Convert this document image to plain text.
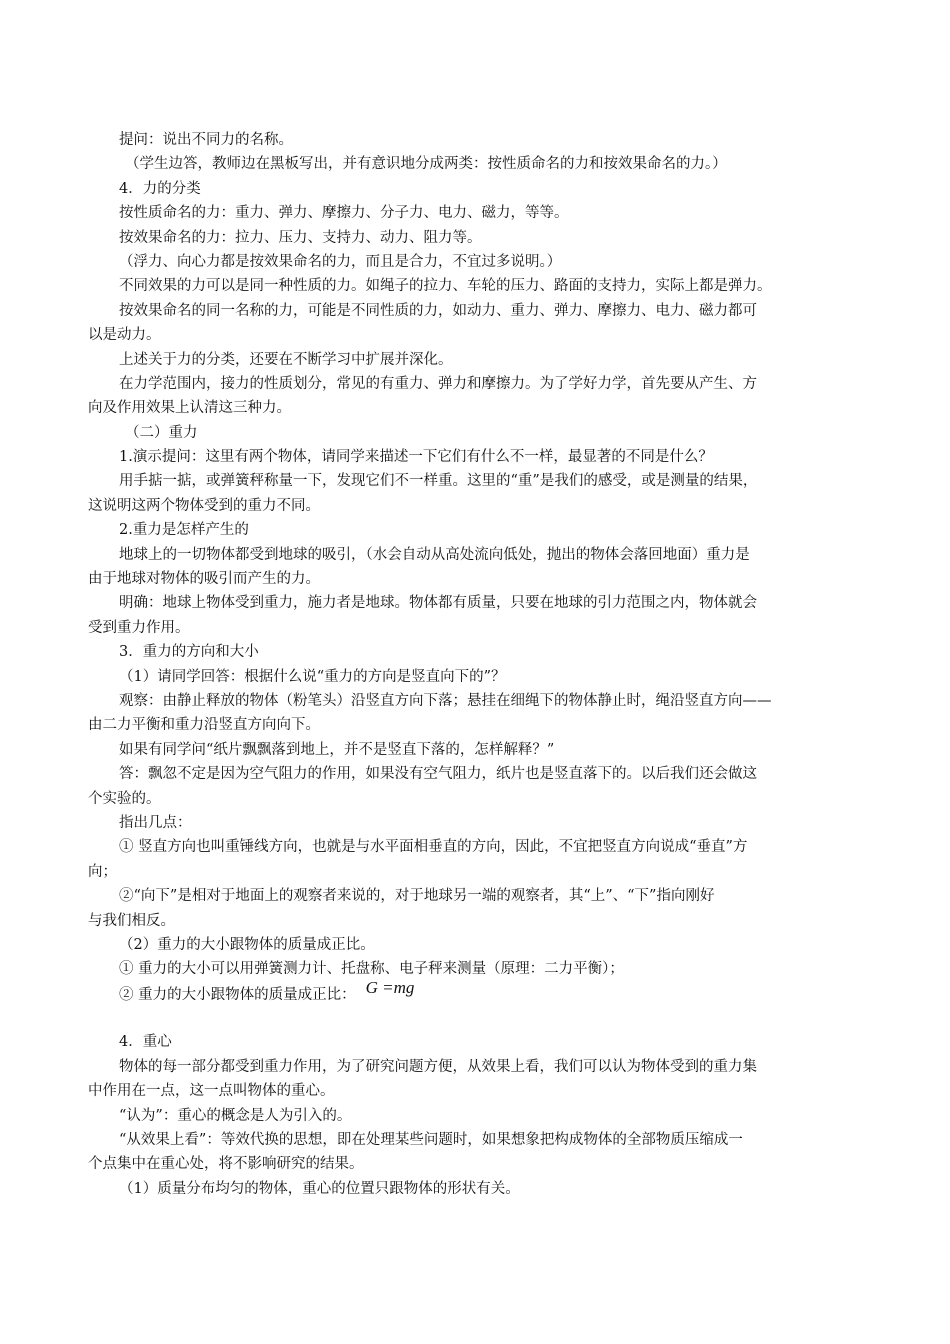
提问：说出不同力的名称。
（学生边答，教师边在黑板写出，并有意识地分成两类：按性质命名的力和按效果命名的力。）
4．力的分类
按性质命名的力：重力、弹力、摩擦力、分子力、电力、磁力，等等。
按效果命名的力：拉力、压力、支持力、动力、阻力等。
（浮力、向心力都是按效果命名的力，而且是合力，不宜过多说明。）
不同效果的力可以是同一种性质的力。如绳子的拉力、车轮的压力、路面的支持力，实际上都是弹力。
按效果命名的同一名称的力，可能是不同性质的力，如动力、重力、弹力、摩擦力、电力、磁力都可
以是动力。
上述关于力的分类，还要在不断学习中扩展并深化。
在力学范围内，接力的性质划分，常见的有重力、弹力和摩擦力。为了学好力学，首先要从产生、方
向及作用效果上认清这三种力。
（二）重力
1.演示提问：这里有两个物体，请同学来描述一下它们有什么不一样，最显著的不同是什么？
用手掂一掂，或弹簧秤称量一下，发现它们不一样重。这里的“重”是我们的感受，或是测量的结果，
这说明这两个物体受到的重力不同。
2.重力是怎样产生的
地球上的一切物体都受到地球的吸引，（水会自动从高处流向低处，抛出的物体会落回地面）重力是
由于地球对物体的吸引而产生的力。
明确：地球上物体受到重力，施力者是地球。物体都有质量，只要在地球的引力范围之内，物体就会
受到重力作用。
3．重力的方向和大小
（1）请同学回答：根据什么说“重力的方向是竖直向下的”？
观察：由静止释放的物体（粉笔头）沿竖直方向下落；悬挂在细绳下的物体静止时，绳沿竖直方向——
由二力平衡和重力沿竖直方向向下。
如果有同学问“纸片飘飘落到地上，并不是竖直下落的，怎样解释？”
答：飘忽不定是因为空气阻力的作用，如果没有空气阻力，纸片也是竖直落下的。以后我们还会做这
个实验的。
指出几点：
① 竖直方向也叫重锤线方向，也就是与水平面相垂直的方向，因此，不宜把竖直方向说成“垂直”方
向；
②“向下”是相对于地面上的观察者来说的，对于地球另一端的观察者，其“上”、“下”指向刚好
与我们相反。
（2）重力的大小跟物体的质量成正比。
① 重力的大小可以用弹簧测力计、托盘称、电子秤来测量（原理：二力平衡）；
② 重力的大小跟物体的质量成正比： G =mg
4．重心
物体的每一部分都受到重力作用，为了研究问题方便，从效果上看，我们可以认为物体受到的重力集
中作用在一点，这一点叫物体的重心。
“认为”：重心的概念是人为引入的。
“从效果上看”：等效代换的思想，即在处理某些问题时，如果想象把构成物体的全部物质压缩成一
个点集中在重心处，将不影响研究的结果。
（1）质量分布均匀的物体，重心的位置只跟物体的形状有关。
